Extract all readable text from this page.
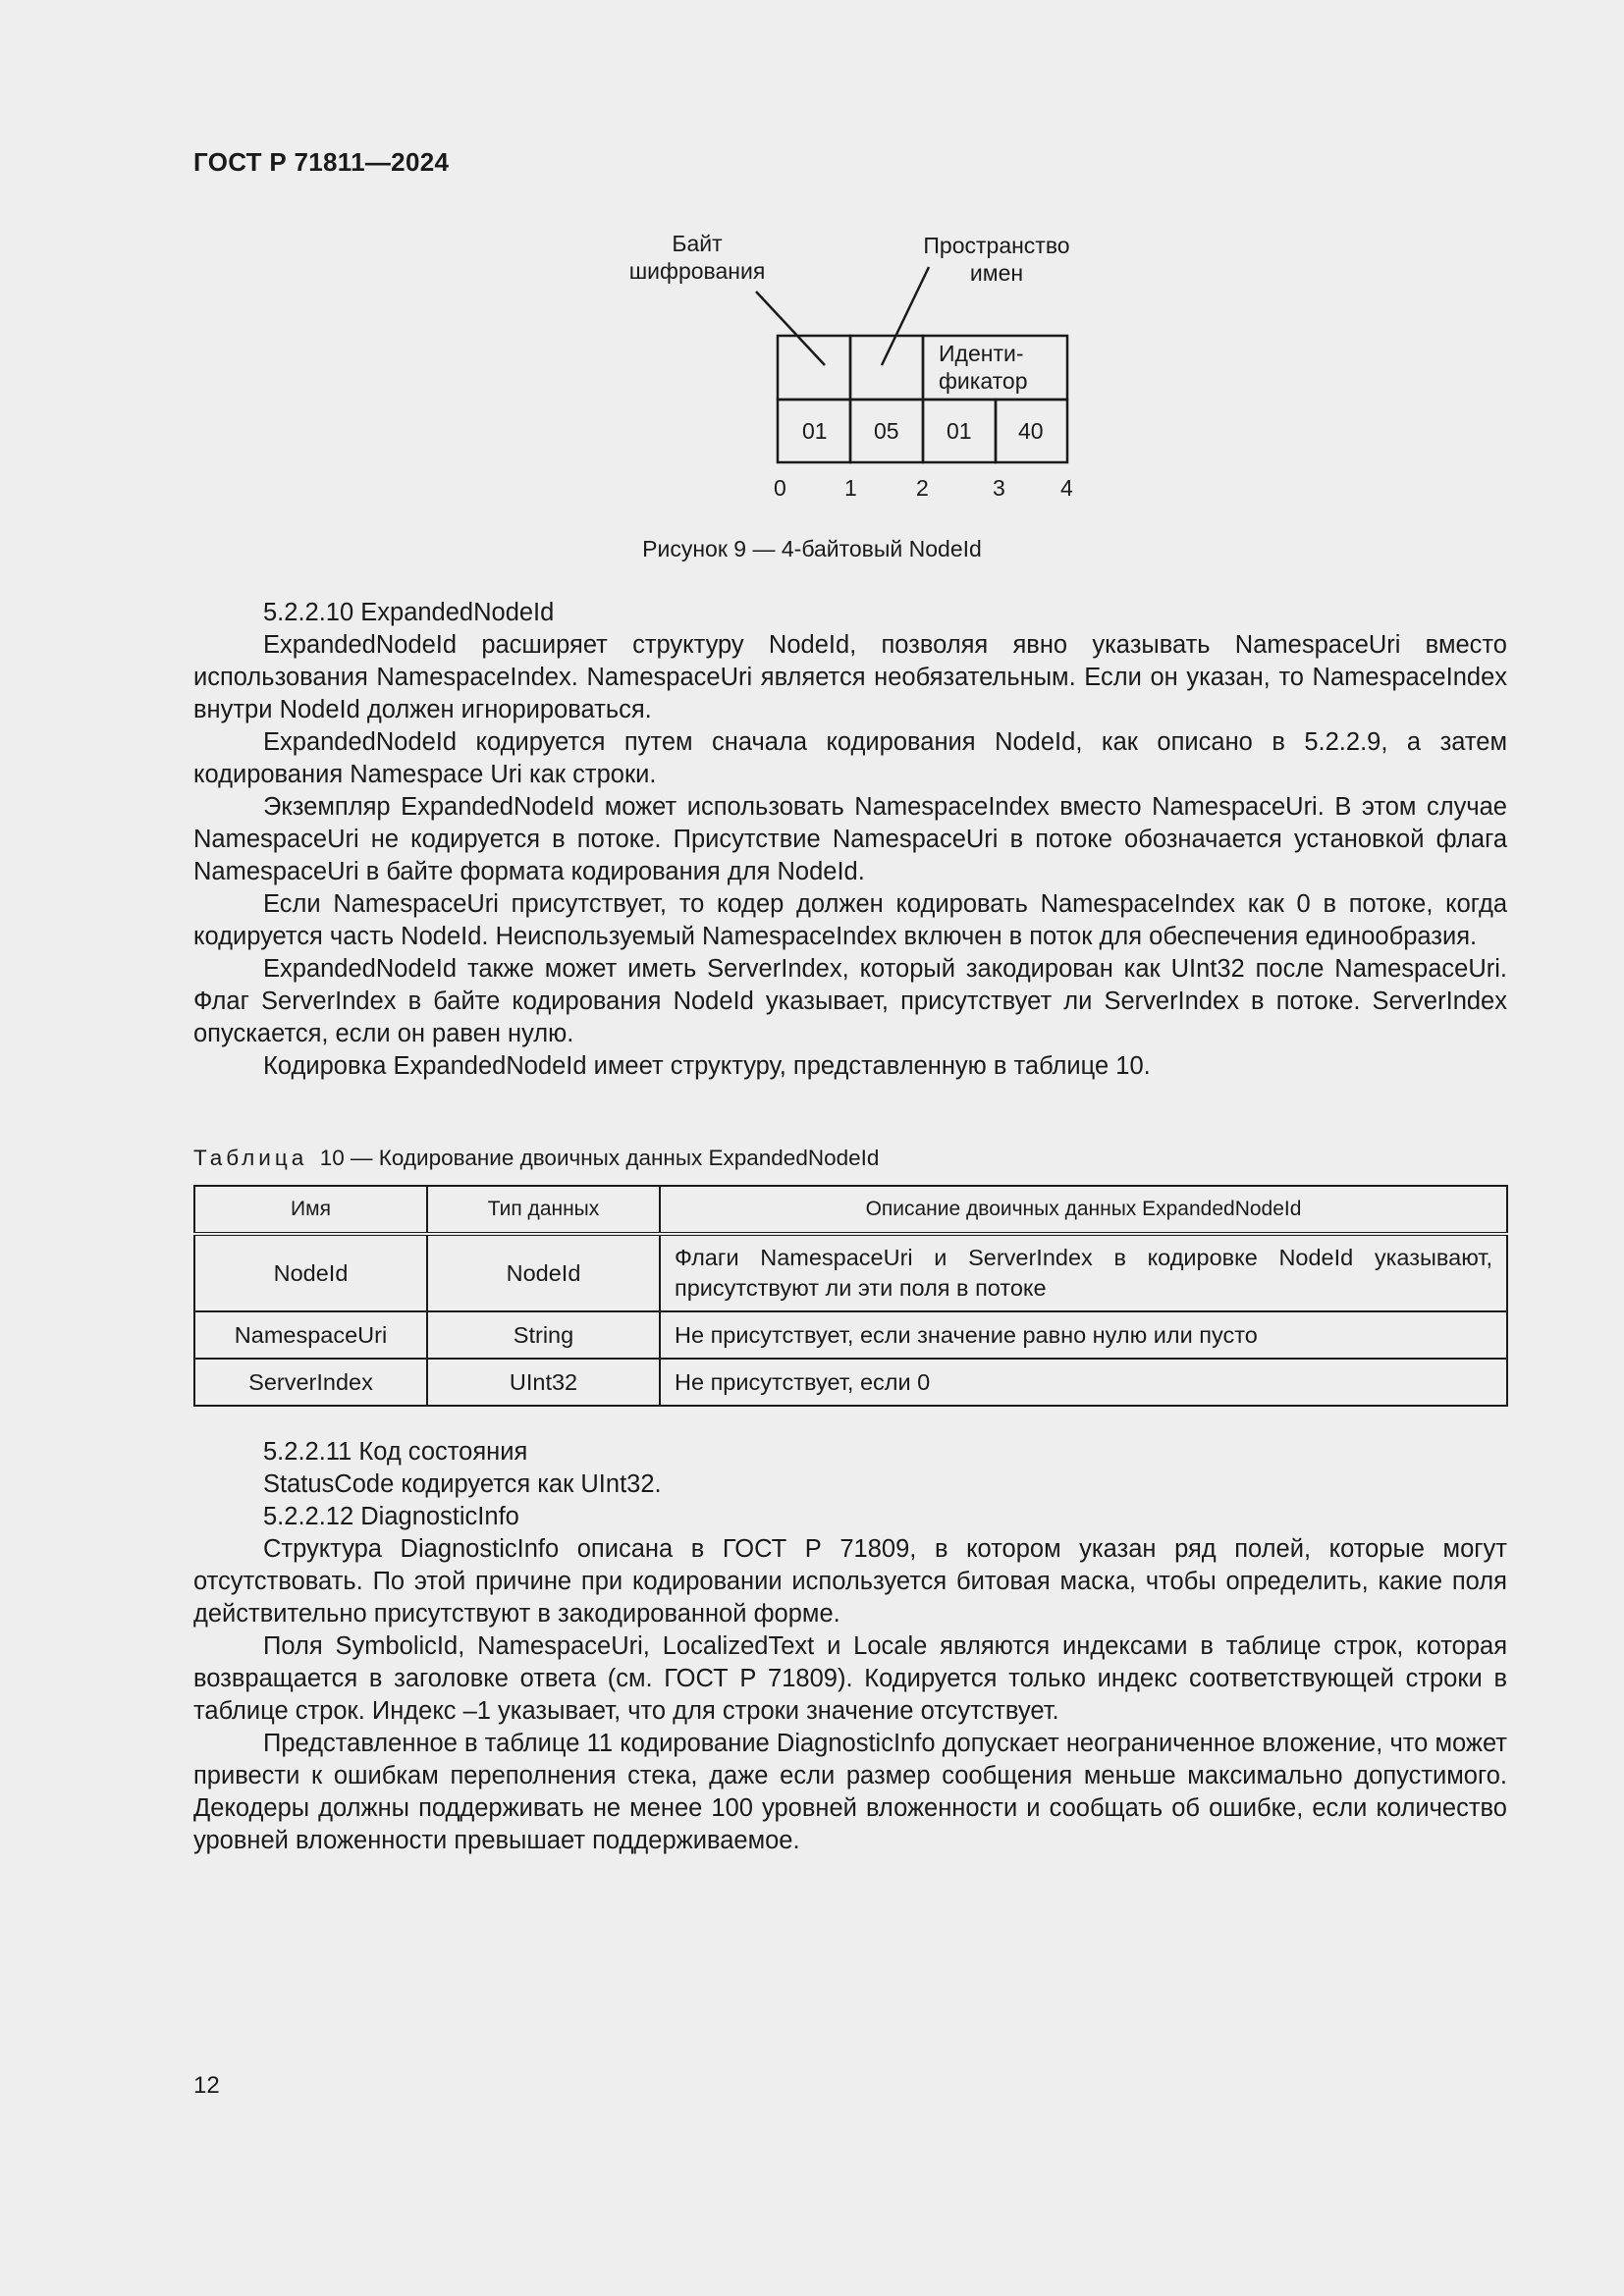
ГОСТ Р 71811—2024
Байт
шифрования
Пространство
имен
Иденти-
фикатор
01 05 01 40
0	1	2	3 4
Рисунок 9 — 4-байтовый NodeId

5.2.2.10 ExpandedNodeId

ExpandedNodeId расширяет структуру NodeId, позволяя явно указывать NamespaceUri вместо использования NamespaceIndex. NamespaceUri является необязательным. Если он указан, то NamespaceIndex внутри NodeId должен игнорироваться.

ExpandedNodeId кодируется путем сначала кодирования NodeId, как описано в 5.2.2.9, а затем кодирования Namespace Uri как строки.

Экземпляр ExpandedNodeId может использовать NamespaceIndex вместо NamespaceUri. В этом случае NamespaceUri не кодируется в потоке. Присутствие NamespaceUri в потоке обозначается установкой флага NamespaceUri в байте формата кодирования для NodeId.

Если NamespaceUri присутствует, то кодер должен кодировать NamespaceIndex как 0 в потоке, когда кодируется часть NodeId. Неиспользуемый NamespaceIndex включен в поток для обеспечения единообразия.

ExpandedNodeId также может иметь ServerIndex, который закодирован как UInt32 после NamespaceUri. Флаг ServerIndex в байте кодирования NodeId указывает, присутствует ли ServerIndex в потоке. ServerIndex опускается, если он равен нулю.

Кодировка ExpandedNodeId имеет структуру, представленную в таблице 10.

Таблица 10 — Кодирование двоичных данных ExpandedNodeId
Имя	Тип данных	Описание двоичных данных ExpandedNodeId
NodeId	NodeId	Флаги NamespaceUri и ServerIndex в кодировке NodeId указывают, присутствуют ли эти поля в потоке
NamespaceUri	String	Не присутствует, если значение равно нулю или пусто
ServerIndex	UInt32	Не присутствует, если 0

5.2.2.11 Код состояния

StatusCode кодируется как UInt32.

5.2.2.12 DiagnosticInfo

Структура DiagnosticInfo описана в ГОСТ Р 71809, в котором указан ряд полей, которые могут отсутствовать. По этой причине при кодировании используется битовая маска, чтобы определить, какие поля действительно присутствуют в закодированной форме.

Поля SymbolicId, NamespaceUri, LocalizedText и Locale являются индексами в таблице строк, которая возвращается в заголовке ответа (см. ГОСТ Р 71809). Кодируется только индекс соответствующей строки в таблице строк. Индекс –1 указывает, что для строки значение отсутствует.

Представленное в таблице 11 кодирование DiagnosticInfo допускает неограниченное вложение, что может привести к ошибкам переполнения стека, даже если размер сообщения меньше максимально допустимого. Декодеры должны поддерживать не менее 100 уровней вложенности и сообщать об ошибке, если количество уровней вложенности превышает поддерживаемое.

12
